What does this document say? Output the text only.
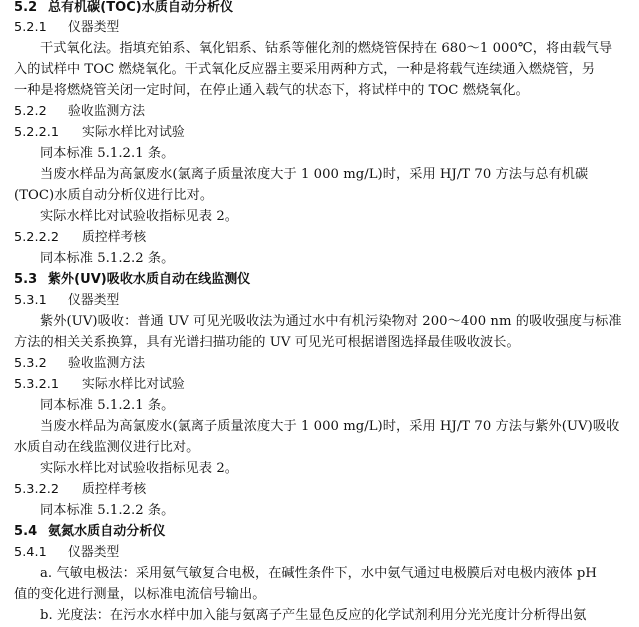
5.2 总有机碳(TOC)水质自动分析仪
5.2.1 仪器类型
干式氧化法。指填充铂系、氧化铝系、钴系等催化剂的燃烧管保持在 680～1 000℃，将由载气导
入的试样中 TOC 燃烧氧化。干式氧化反应器主要采用两种方式，一种是将载气连续通入燃烧管，另
一种是将燃烧管关闭一定时间，在停止通入载气的状态下，将试样中的 TOC 燃烧氧化。
5.2.2 验收监测方法
5.2.2.1 实际水样比对试验
同本标准 5.1.2.1 条。
当废水样品为高氯废水(氯离子质量浓度大于 1 000 mg/L)时，采用 HJ/T 70 方法与总有机碳
(TOC)水质自动分析仪进行比对。
实际水样比对试验收指标见表 2。
5.2.2.2 质控样考核
同本标准 5.1.2.2 条。
5.3 紫外(UV)吸收水质自动在线监测仪
5.3.1 仪器类型
紫外(UV)吸收：普通 UV 可见光吸收法为通过水中有机污染物对 200～400 nm 的吸收强度与标准
方法的相关关系换算，具有光谱扫描功能的 UV 可见光可根据谱图选择最佳吸收波长。
5.3.2 验收监测方法
5.3.2.1 实际水样比对试验
同本标准 5.1.2.1 条。
当废水样品为高氯废水(氯离子质量浓度大于 1 000 mg/L)时，采用 HJ/T 70 方法与紫外(UV)吸收
水质自动在线监测仪进行比对。
实际水样比对试验收指标见表 2。
5.3.2.2 质控样考核
同本标准 5.1.2.2 条。
5.4 氨氮水质自动分析仪
5.4.1 仪器类型
a. 气敏电极法：采用氨气敏复合电极，在碱性条件下，水中氨气通过电极膜后对电极内液体 pH
值的变化进行测量，以标准电流信号输出。
b. 光度法：在污水水样中加入能与氨离子产生显色反应的化学试剂利用分光光度计分析得出氨
